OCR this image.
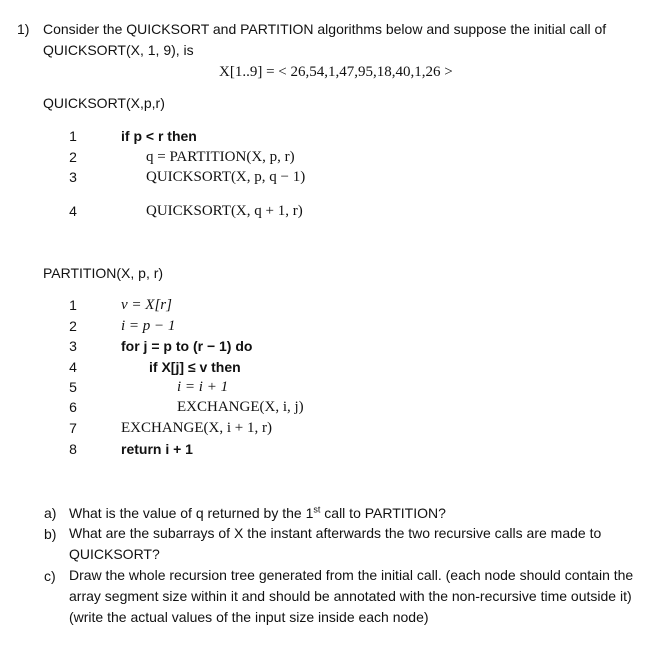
1) Consider the QUICKSORT and PARTITION algorithms below and suppose the initial call of
QUICKSORT(X, 1, 9), is
X[1..9] = < 26,54,1,47,95,18,40,1,26 >
QUICKSORT(X,p,r)
1	if p < r then
2	q = PARTITION(X, p, r)
3	QUICKSORT(X, p, q − 1)
4	QUICKSORT(X, q + 1, r)
PARTITION(X, p, r)
1	v = X[r]
2	i = p − 1
3	for j = p to (r − 1) do
4	if X[j] ≤ v then
5	i = i + 1
6	EXCHANGE(X, i, j)
7	EXCHANGE(X, i + 1, r)
8	return i + 1
a) What is the value of q returned by the 1st call to PARTITION?
b) What are the subarrays of X the instant afterwards the two recursive calls are made to QUICKSORT?
c) Draw the whole recursion tree generated from the initial call. (each node should contain the array segment size within it and should be annotated with the non-recursive time outside it) (write the actual values of the input size inside each node)
